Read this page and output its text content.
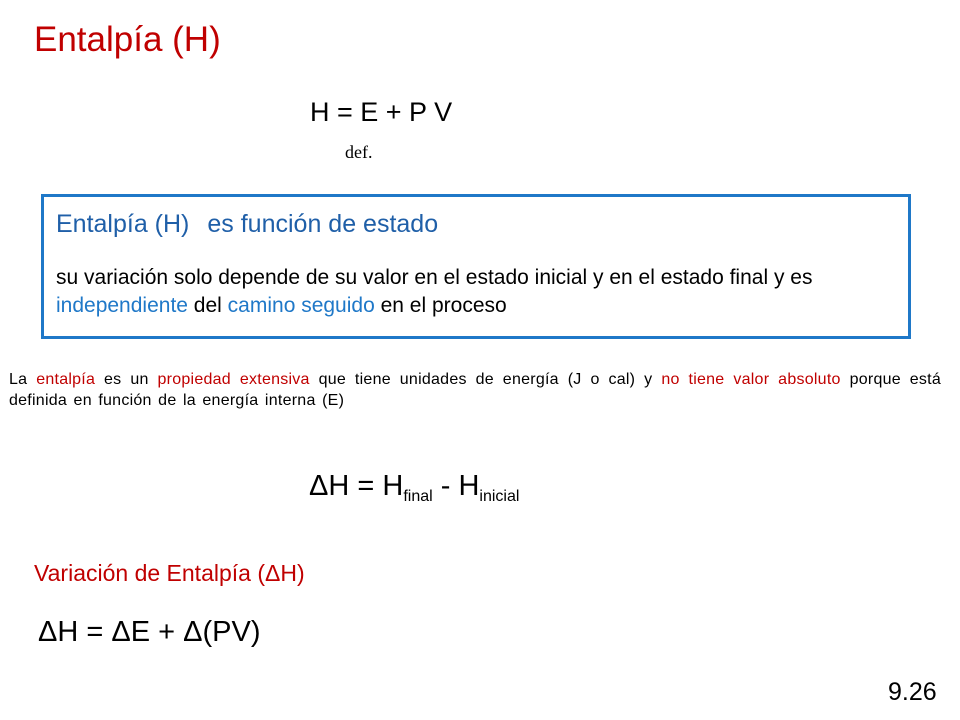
Entalpía (H)
H = E + P V
def.
Entalpía (H) es función de estado
su variación solo depende de su valor en el estado inicial y en el estado final y es independiente del camino seguido en el proceso
La entalpía es un propiedad extensiva que tiene unidades de energía (J o cal) y no tiene valor absoluto porque está definida en función de la energía interna (E)
$\Delta H = H_{final} - H_{inicial}$
Variación de Entalpía (ΔH)
ΔH = ΔE + Δ(PV)
9.26
